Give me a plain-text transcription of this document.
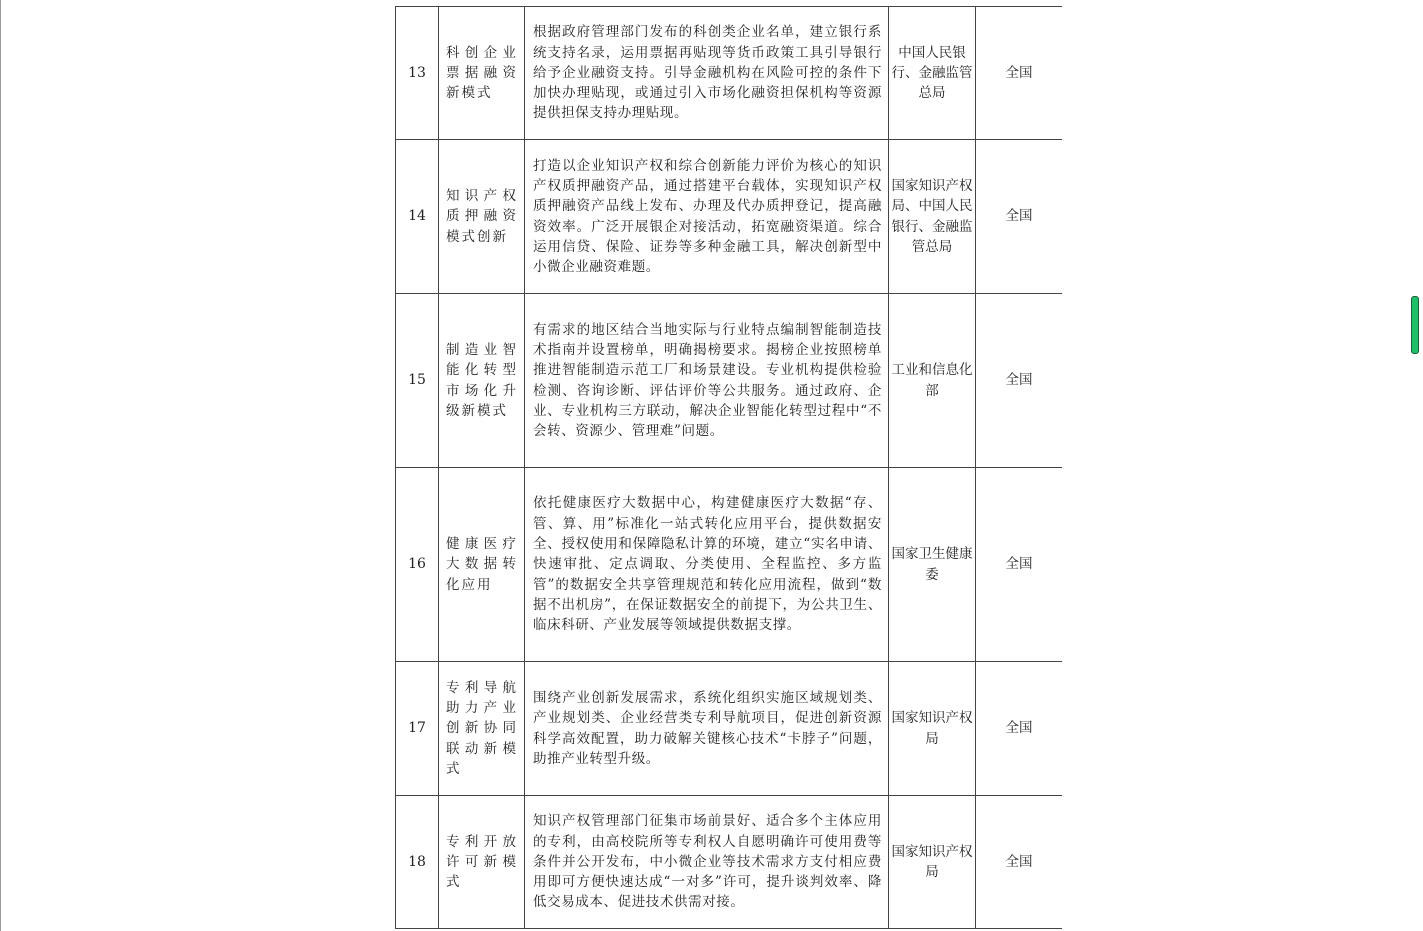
13	科创企业票据融资新模式	根据政府管理部门发布的科创类企业名单，建立银行系统支持名录，运用票据再贴现等货币政策工具引导银行给予企业融资支持。引导金融机构在风险可控的条件下加快办理贴现，或通过引入市场化融资担保机构等资源提供担保支持办理贴现。	中国人民银行、金融监管总局	全国
14	知识产权质押融资模式创新	打造以企业知识产权和综合创新能力评价为核心的知识产权质押融资产品，通过搭建平台载体，实现知识产权质押融资产品线上发布、办理及代办质押登记，提高融资效率。广泛开展银企对接活动，拓宽融资渠道。综合运用信贷、保险、证券等多种金融工具，解决创新型中小微企业融资难题。	国家知识产权局、中国人民银行、金融监管总局	全国
15	制造业智能化转型市场化升级新模式	有需求的地区结合当地实际与行业特点编制智能制造技术指南并设置榜单，明确揭榜要求。揭榜企业按照榜单推进智能制造示范工厂和场景建设。专业机构提供检验检测、咨询诊断、评估评价等公共服务。通过政府、企业、专业机构三方联动，解决企业智能化转型过程中“不会转、资源少、管理难”问题。	工业和信息化部	全国
16	健康医疗大数据转化应用	依托健康医疗大数据中心，构建健康医疗大数据“存、管、算、用”标准化一站式转化应用平台，提供数据安全、授权使用和保障隐私计算的环境，建立“实名申请、快速审批、定点调取、分类使用、全程监控、多方监管”的数据安全共享管理规范和转化应用流程，做到“数据不出机房”，在保证数据安全的前提下，为公共卫生、临床科研、产业发展等领域提供数据支撑。	国家卫生健康委	全国
17	专利导航助力产业创新协同联动新模式	围绕产业创新发展需求，系统化组织实施区域规划类、产业规划类、企业经营类专利导航项目，促进创新资源科学高效配置，助力破解关键核心技术“卡脖子”问题，助推产业转型升级。	国家知识产权局	全国
18	专利开放许可新模式	知识产权管理部门征集市场前景好、适合多个主体应用的专利，由高校院所等专利权人自愿明确许可使用费等条件并公开发布，中小微企业等技术需求方支付相应费用即可方便快速达成“一对多”许可，提升谈判效率、降低交易成本、促进技术供需对接。	国家知识产权局	全国
